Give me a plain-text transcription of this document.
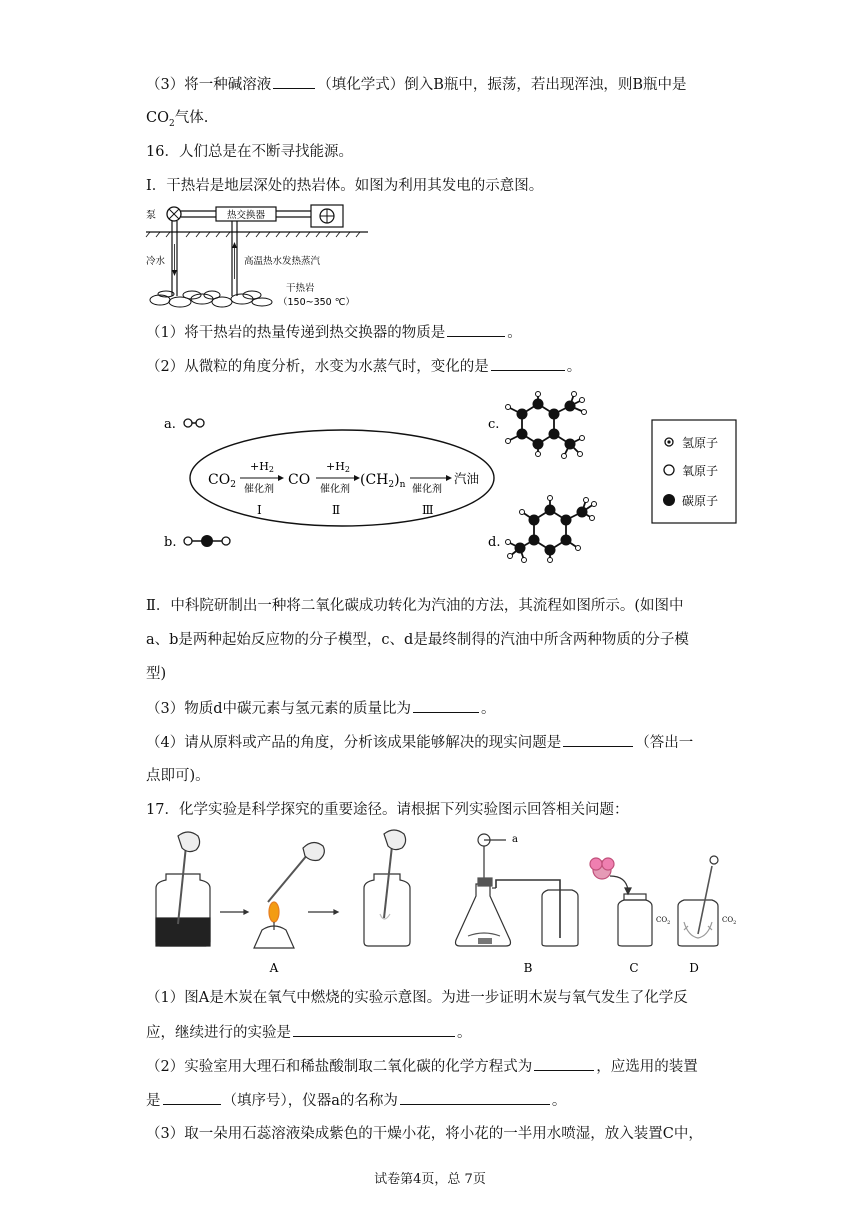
（3）将一种碱溶液	（填化学式）倒入B瓶中，振荡，若出现浑浊，则B瓶中是
$CO_2$气体.
16．人们总是在不断寻找能源。
Ⅰ．干热岩是地层深处的热岩体。如图为利用其发电的示意图。
泵	热交换器
冷水	高温热水发热蒸汽
干热岩
（150~350 ℃）
（1）将干热岩的热量传递到热交换器的物质是	。
（2）从微粒的角度分析，水变为水蒸气时，变化的是	。
a.
b.
$CO_2$
+H2
催化剂
Ⅰ
CO
+H2
催化剂
Ⅱ
$(CH_2)_n$ 催化剂
Ⅲ
汽油
c.
d.
氢原子
氧原子
碳原子
Ⅱ．中科院研制出一种将二氧化碳成功转化为汽油的方法，其流程如图所示。(如图中
a、b是两种起始反应物的分子模型，c、d是最终制得的汽油中所含两种物质的分子模
型)
（3）物质d中碳元素与氢元素的质量比为	。
（4）请从原料或产品的角度，分析该成果能够解决的现实问题是	（答出一
点即可)。
17．化学实验是科学探究的重要途径。请根据下列实验图示回答相关问题：
A
a
B
$CO_2$
C
$CO_2$
D
（1）图A是木炭在氧气中燃烧的实验示意图。为进一步证明木炭与氧气发生了化学反
应，继续进行的实验是	。
（2）实验室用大理石和稀盐酸制取二氧化碳的化学方程式为	，应选用的装置
是	（填序号），仪器a的名称为	。
（3）取一朵用石蕊溶液染成紫色的干燥小花，将小花的一半用水喷湿，放入装置C中，
试卷第4页，总 7页
